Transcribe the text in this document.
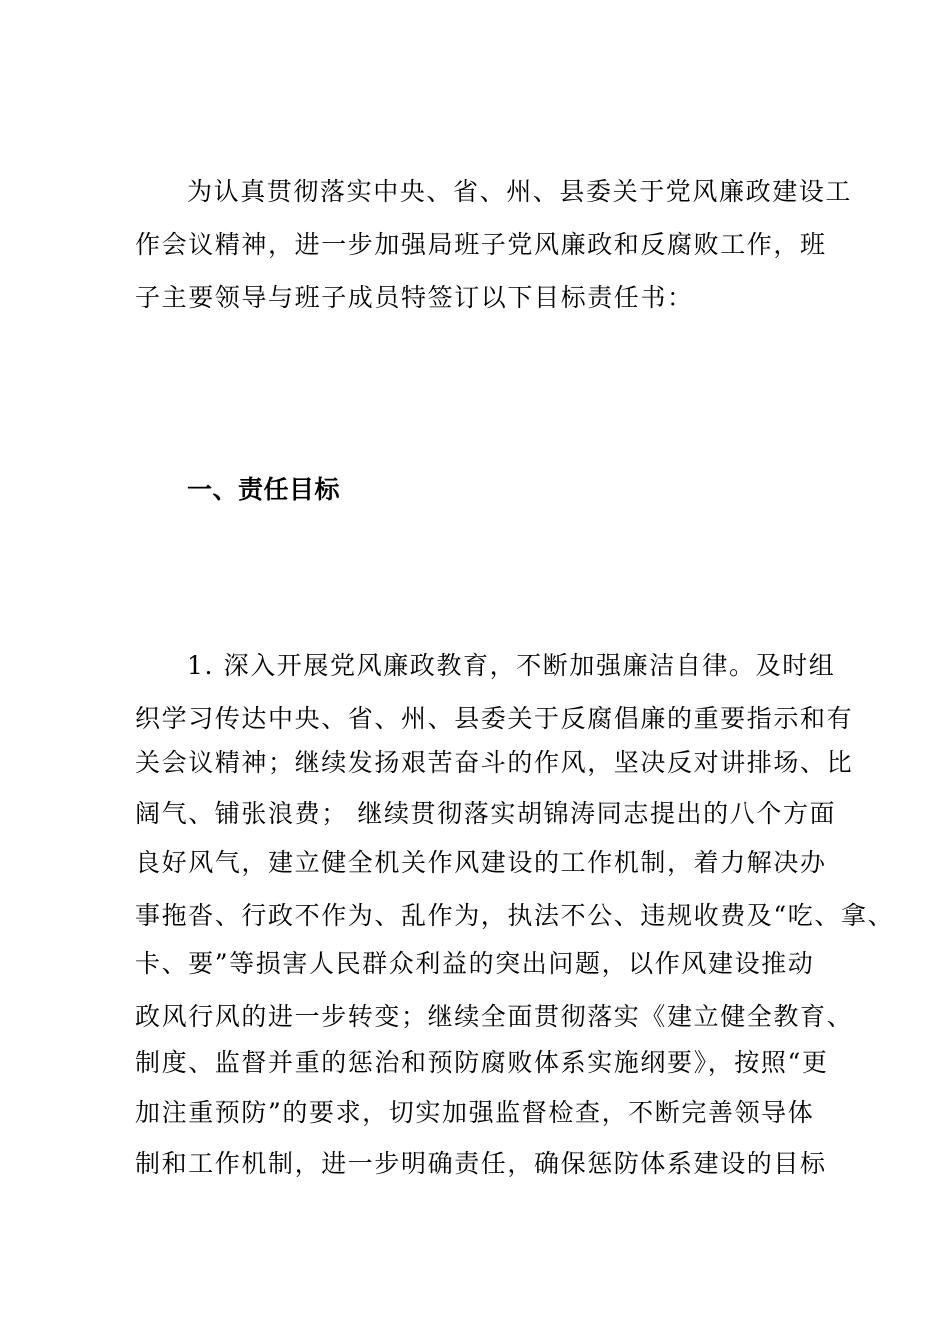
为认真贯彻落实中央、省、州、县委关于党风廉政建设工
作会议精神，进一步加强局班子党风廉政和反腐败工作，班
子主要领导与班子成员特签订以下目标责任书：
一、责任目标
1. 深入开展党风廉政教育，不断加强廉洁自律。及时组
织学习传达中央、省、州、县委关于反腐倡廉的重要指示和有
关会议精神；继续发扬艰苦奋斗的作风，坚决反对讲排场、比
阔气、铺张浪费； 继续贯彻落实胡锦涛同志提出的八个方面
良好风气，建立健全机关作风建设的工作机制，着力解决办
事拖沓、行政不作为、乱作为，执法不公、违规收费及“吃、拿、
卡、要”等损害人民群众利益的突出问题，以作风建设推动
政风行风的进一步转变；继续全面贯彻落实《建立健全教育、
制度、监督并重的惩治和预防腐败体系实施纲要》，按照“更
加注重预防”的要求，切实加强监督检查，不断完善领导体
制和工作机制，进一步明确责任，确保惩防体系建设的目标
